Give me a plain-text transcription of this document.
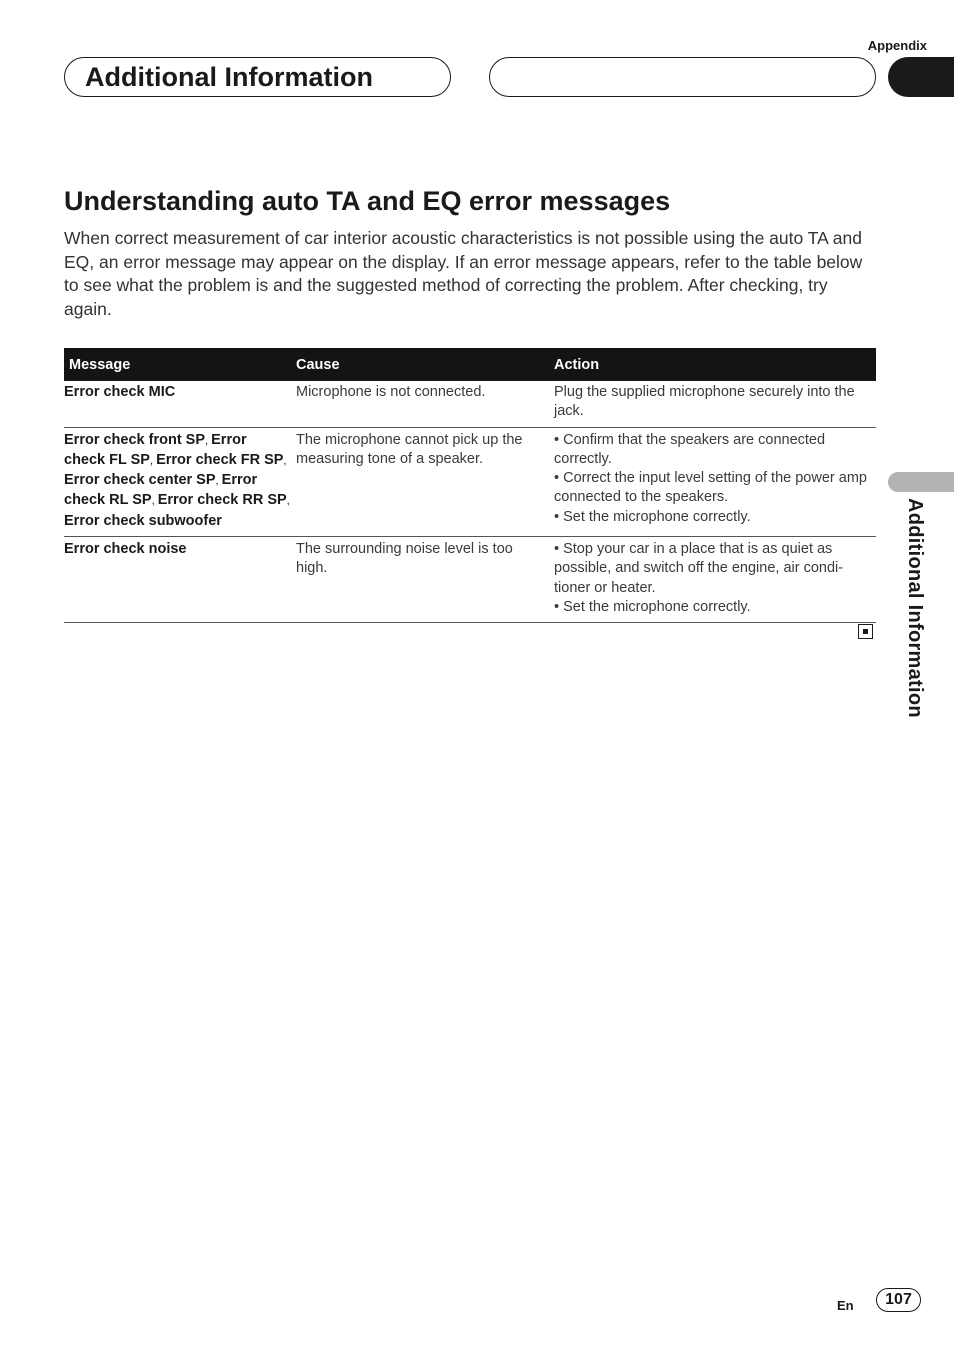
Appendix
Additional Information
Understanding auto TA and EQ error messages

When correct measurement of car interior acoustic characteristics is not possible using the auto TA and EQ, an error message may appear on the display. If an error message appears, refer to the table below to see what the problem is and the suggested method of correcting the problem. After checking, try again.

Message	Cause	Action
Error check MIC	Microphone is not connected.	Plug the supplied microphone securely into the jack.

Error check front SP, Error check FL SP, Error check FR SP, Error check center SP, Error check RL SP, Error check RR SP, Error check subwoofer	The microphone cannot pick up the measuring tone of a speaker.	• Confirm that the speakers are connected correctly.
• Correct the input level setting of the power amp connected to the speakers.
• Set the microphone correctly.

Error check noise	The surrounding noise level is too high.	• Stop your car in a place that is as quiet as possible, and switch off the engine, air condi-tioner or heater.
• Set the microphone correctly.	Additional Information
En	107
